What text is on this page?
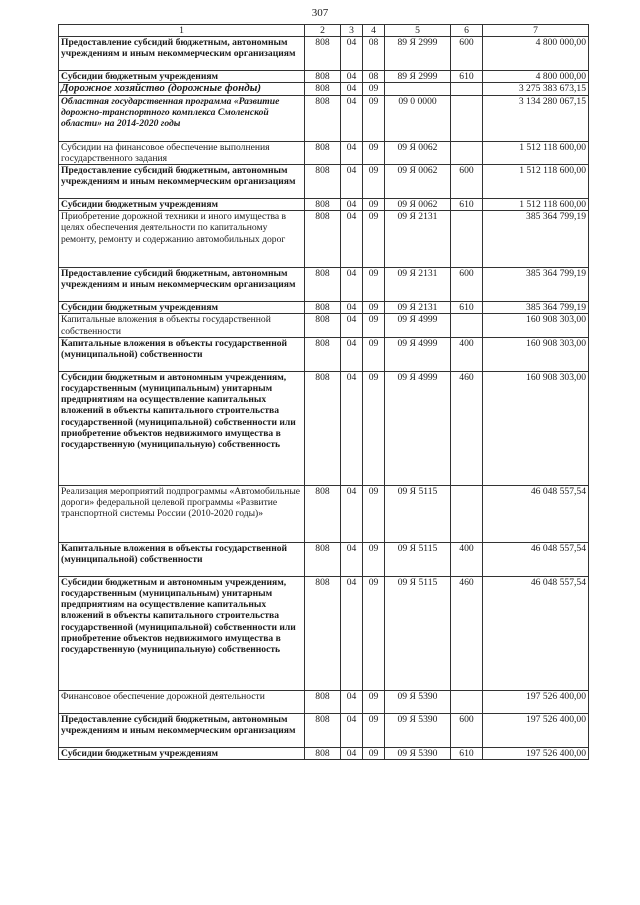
307
1	2	3	4	5	6	7
Предоставление субсидий бюджетным, автономным учреждениям и иным некоммерческим организациям	808	04	08	89 Я 2999	600	4 800 000,00
Субсидии бюджетным учреждениям	808	04	08	89 Я 2999	610	4 800 000,00
Дорожное хозяйство (дорожные фонды)	808	04	09			3 275 383 673,15
Областная государственная программа «Развитие дорожно-транспортного комплекса Смоленской области» на 2014-2020 годы	808	04	09	09 0 0000		3 134 280 067,15
Субсидии на финансовое обеспечение выполнения государственного задания	808	04	09	09 Я 0062		1 512 118 600,00
Предоставление субсидий бюджетным, автономным учреждениям и иным некоммерческим организациям	808	04	09	09 Я 0062	600	1 512 118 600,00
Субсидии бюджетным учреждениям	808	04	09	09 Я 0062	610	1 512 118 600,00
Приобретение дорожной техники и иного имущества в целях обеспечения деятельности по капитальному ремонту, ремонту и содержанию автомобильных дорог	808	04	09	09 Я 2131		385 364 799,19
Предоставление субсидий бюджетным, автономным учреждениям и иным некоммерческим организациям	808	04	09	09 Я 2131	600	385 364 799,19
Субсидии бюджетным учреждениям	808	04	09	09 Я 2131	610	385 364 799,19
Капитальные вложения в объекты государственной собственности	808	04	09	09 Я 4999		160 908 303,00
Капитальные вложения в объекты государственной (муниципальной) собственности	808	04	09	09 Я 4999	400	160 908 303,00
Субсидии бюджетным и автономным учреждениям, государственным (муниципальным) унитарным предприятиям на осуществление капитальных вложений в объекты капитального строительства государственной (муниципальной) собственности или приобретение объектов недвижимого имущества в государственную (муниципальную) собственность	808	04	09	09 Я 4999	460	160 908 303,00
Реализация мероприятий подпрограммы «Автомобильные дороги» федеральной целевой программы «Развитие транспортной системы России (2010-2020 годы)»	808	04	09	09 Я 5115		46 048 557,54
Капитальные вложения в объекты государственной (муниципальной) собственности	808	04	09	09 Я 5115	400	46 048 557,54
Субсидии бюджетным и автономным учреждениям, государственным (муниципальным) унитарным предприятиям на осуществление капитальных вложений в объекты капитального строительства государственной (муниципальной) собственности или приобретение объектов недвижимого имущества в государственную (муниципальную) собственность	808	04	09	09 Я 5115	460	46 048 557,54
Финансовое обеспечение дорожной деятельности	808	04	09	09 Я 5390		197 526 400,00
Предоставление субсидий бюджетным, автономным учреждениям и иным некоммерческим организациям	808	04	09	09 Я 5390	600	197 526 400,00
Субсидии бюджетным учреждениям	808	04	09	09 Я 5390	610	197 526 400,00
